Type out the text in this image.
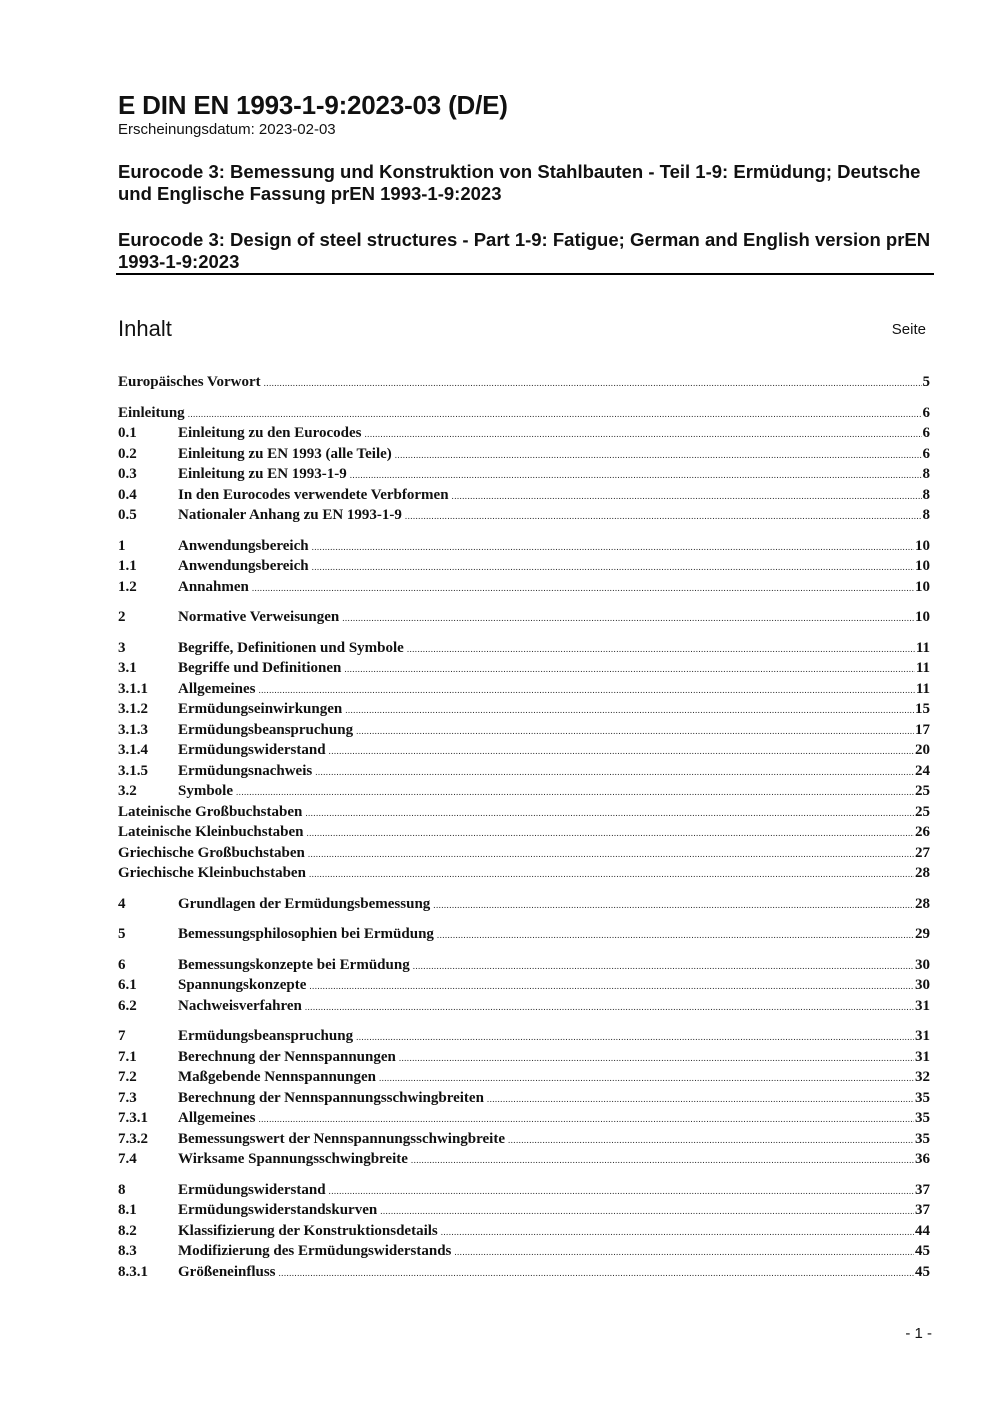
E DIN EN 1993-1-9:2023-03 (D/E)
Erscheinungsdatum: 2023-02-03
Eurocode 3: Bemessung und Konstruktion von Stahlbauten - Teil 1-9: Ermüdung; Deutsche und Englische Fassung prEN 1993-1-9:2023
Eurocode 3: Design of steel structures - Part 1-9: Fatigue; German and English version prEN 1993-1-9:2023
Inhalt	Seite
Europäisches Vorwort .....	5
Einleitung .....	6
0.1	Einleitung zu den Eurocodes .....	6
0.2	Einleitung zu EN 1993 (alle Teile) .....	6
0.3	Einleitung zu EN 1993-1-9 .....	8
0.4	In den Eurocodes verwendete Verbformen .....	8
0.5	Nationaler Anhang zu EN 1993-1-9 .....	8
1	Anwendungsbereich .....	10
1.1	Anwendungsbereich .....	10
1.2	Annahmen .....	10
2	Normative Verweisungen .....	10
3	Begriffe, Definitionen und Symbole .....	11
3.1	Begriffe und Definitionen .....	11
3.1.1	Allgemeines .....	11
3.1.2	Ermüdungseinwirkungen .....	15
3.1.3	Ermüdungsbeanspruchung .....	17
3.1.4	Ermüdungswiderstand .....	20
3.1.5	Ermüdungsnachweis .....	24
3.2	Symbole .....	25
Lateinische Großbuchstaben .....	25
Lateinische Kleinbuchstaben .....	26
Griechische Großbuchstaben .....	27
Griechische Kleinbuchstaben .....	28
4	Grundlagen der Ermüdungsbemessung .....	28
5	Bemessungsphilosophien bei Ermüdung .....	29
6	Bemessungskonzepte bei Ermüdung .....	30
6.1	Spannungskonzepte .....	30
6.2	Nachweisverfahren .....	31
7	Ermüdungsbeanspruchung .....	31
7.1	Berechnung der Nennspannungen .....	31
7.2	Maßgebende Nennspannungen .....	32
7.3	Berechnung der Nennspannungsschwingbreiten .....	35
7.3.1	Allgemeines .....	35
7.3.2	Bemessungswert der Nennspannungsschwingbreite .....	35
7.4	Wirksame Spannungsschwingbreite .....	36
8	Ermüdungswiderstand .....	37
8.1	Ermüdungswiderstandskurven .....	37
8.2	Klassifizierung der Konstruktionsdetails .....	44
8.3	Modifizierung des Ermüdungswiderstands .....	45
8.3.1	Größeneinfluss .....	45
- 1 -
